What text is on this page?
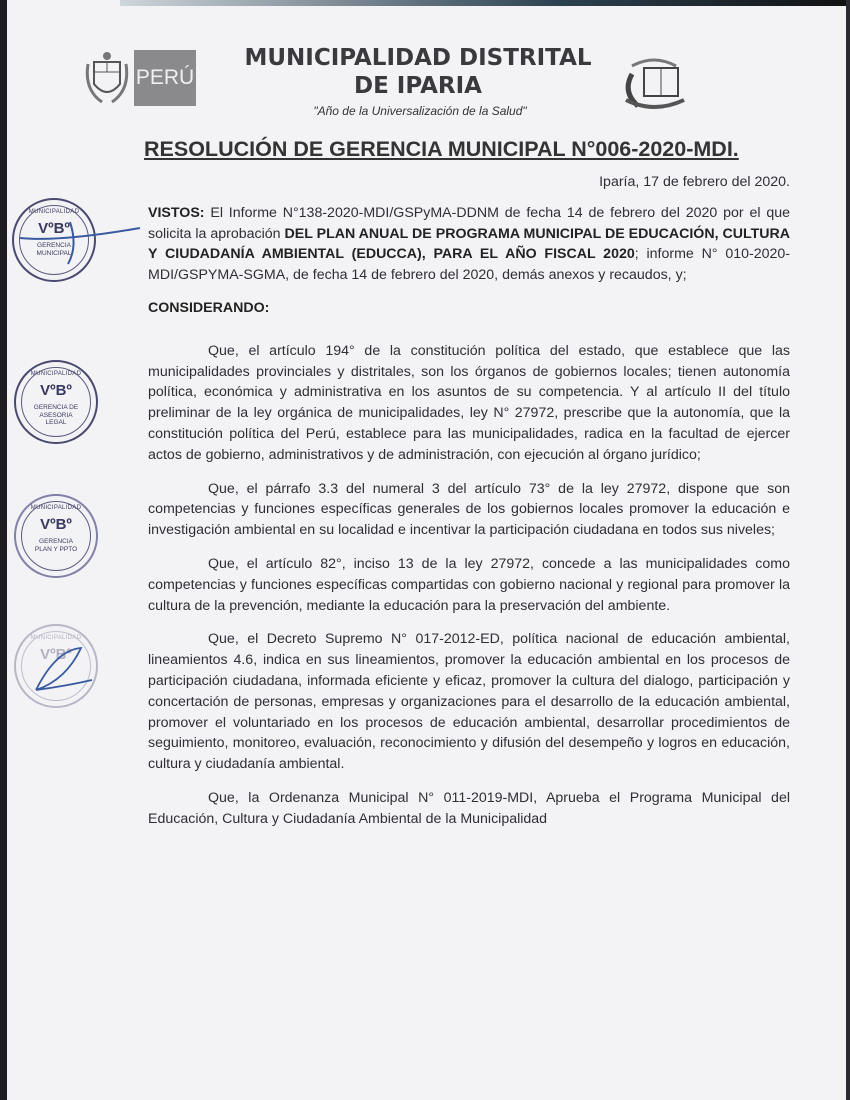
PERÚ
MUNICIPALIDAD DISTRITAL
DE IPARIA
"Año de la Universalización de la Salud"
RESOLUCIÓN DE GERENCIA MUNICIPAL N°006-2020-MDI.
Iparía, 17 de febrero del 2020.
VISTOS: El Informe N°138-2020-MDI/GSPyMA-DDNM de fecha 14 de febrero del 2020 por el que solicita la aprobación DEL PLAN ANUAL DE PROGRAMA MUNICIPAL DE EDUCACIÓN, CULTURA Y CIUDADANÍA AMBIENTAL (EDUCCA), PARA EL AÑO FISCAL 2020; informe N° 010-2020-MDI/GSPYMA-SGMA, de fecha 14 de febrero del 2020, demás anexos y recaudos, y;
CONSIDERANDO:
Que, el artículo 194° de la constitución política del estado, que establece que las municipalidades provinciales y distritales, son los órganos de gobiernos locales; tienen autonomía política, económica y administrativa en los asuntos de su competencia. Y al artículo II del título preliminar de la ley orgánica de municipalidades, ley N° 27972, prescribe que la autonomía, que la constitución política del Perú, establece para las municipalidades, radica en la facultad de ejercer actos de gobierno, administrativos y de administración, con ejecución al órgano jurídico;
Que, el párrafo 3.3 del numeral 3 del artículo 73° de la ley 27972, dispone que son competencias y funciones específicas generales de los gobiernos locales promover la educación e investigación ambiental en su localidad e incentivar la participación ciudadana en todos sus niveles;
Que, el artículo 82°, inciso 13 de la ley 27972, concede a las municipalidades como competencias y funciones específicas compartidas con gobierno nacional y regional para promover la cultura de la prevención, mediante la educación para la preservación del ambiente.
Que, el Decreto Supremo N° 017-2012-ED, política nacional de educación ambiental, lineamientos 4.6, indica en sus lineamientos, promover la educación ambiental en los procesos de participación ciudadana, informada eficiente y eficaz, promover la cultura del dialogo, participación y concertación de personas, empresas y organizaciones para el desarrollo de la educación ambiental, promover el voluntariado en los procesos de educación ambiental, desarrollar procedimientos de seguimiento, monitoreo, evaluación, reconocimiento y difusión del desempeño y logros en educación, cultura y ciudadanía ambiental.
Que, la Ordenanza Municipal N° 011-2019-MDI, Aprueba el Programa Municipal del Educación, Cultura y Ciudadanía Ambiental de la Municipalidad
MUNICIPALIDAD
VºBº
GERENCIA MUNICIPAL
MUNICIPALIDAD
VºBº
GERENCIA DE ASESORIA LEGAL
MUNICIPALIDAD
VºBº
GERENCIA PLAN Y PPTO
MUNICIPALIDAD
VºBº
